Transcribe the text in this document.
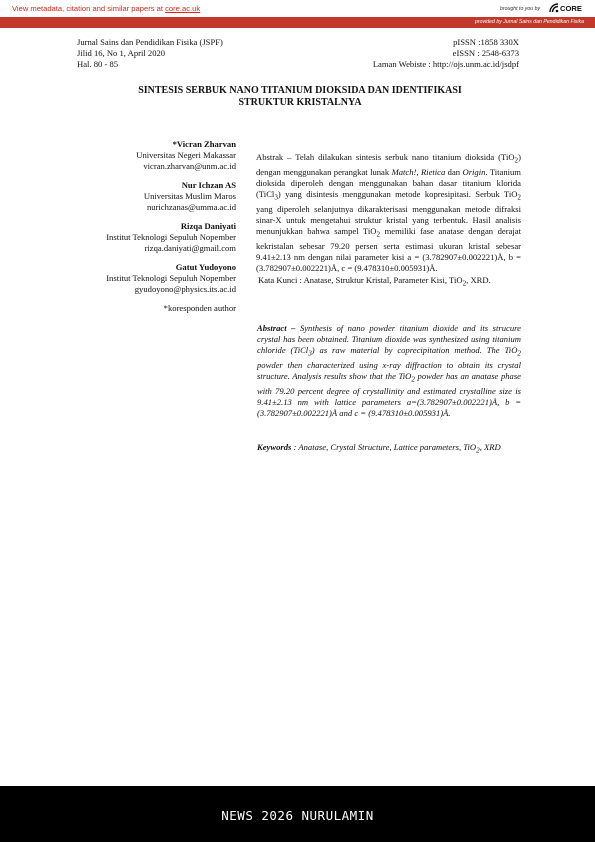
View metadata, citation and similar papers at core.ac.uk	brought to you by	CORE
provided by Jurnal Sains dan Pendidikan Fisika
Jurnal Sains dan Pendidikan Fisika (JSPF)
Jilid 16, No 1, April 2020
Hal. 80 - 85
pISSN :1858 330X
eISSN : 2548-6373
Laman Webiste : http://ojs.unm.ac.id/jsdpf
SINTESIS SERBUK NANO TITANIUM DIOKSIDA DAN IDENTIFIKASI
STRUKTUR KRISTALNYA
*Vicran Zharvan
Universitas Negeri Makassar
vicran.zharvan@unm.ac.id
Nur Ichzan AS
Universitas Muslim Maros
nurichzanas@umma.ac.id
Rizqa Daniyati
Institut Teknologi Sepuluh Nopember
rizqa.daniyati@gmail.com
Gatut Yudoyono
Institut Teknologi Sepuluh Nopember
gyudoyono@physics.its.ac.id
*koresponden author
Abstrak – Telah dilakukan sintesis serbuk nano titanium dioksida (TiO$_2$) dengan menggunakan perangkat lunak Match!, Rietica dan Origin. Titanium dioksida diperoleh dengan menggunakan bahan dasar titanium klorida (TiCl$_3$) yang disintesis menggunakan metode kopresipitasi. Serbuk TiO$_2$ yang diperoleh selanjutnya dikarakterisasi menggunakan metode difraksi sinar-X untuk mengetahui struktur kristal yang terbentuk. Hasil analisis menunjukkan bahwa sampel TiO$_2$ memiliki fase anatase dengan derajat kekristalan sebesar 79.20 persen serta estimasi ukuran kristal sebesar 9.41±2.13 nm dengan nilai parameter kisi a = (3.782907±0.002221)Å, b = (3.782907±0.002221)Å, c = (9.478310±0.005931)Å.
Kata Kunci : Anatase, Struktur Kristal, Parameter Kisi, TiO$_2$, XRD.
Abstract – Synthesis of nano powder titanium dioxide and its strucure crystal has been obtained. Titanium dioxide was synthesized using titanium chloride (TiCl$_3$) as raw material by coprecipitation method. The TiO$_2$ powder then characterized using x-ray diffraction to obtain its crystal structure. Analysis results show that the TiO$_2$ powder has an anatase phase with 79.20 percent degree of crystallinity and estimated crystalline size is 9.41±2.13 nm with lattice parameters a=(3.782907±0.002221)Å, b = (3.782907±0.002221)Å and c = (9.478310±0.005931)Å.
Keywords : Anatase, Crystal Structure, Lattice parameters, TiO$_2$, XRD
NEWS 2026 NURULAMIN
